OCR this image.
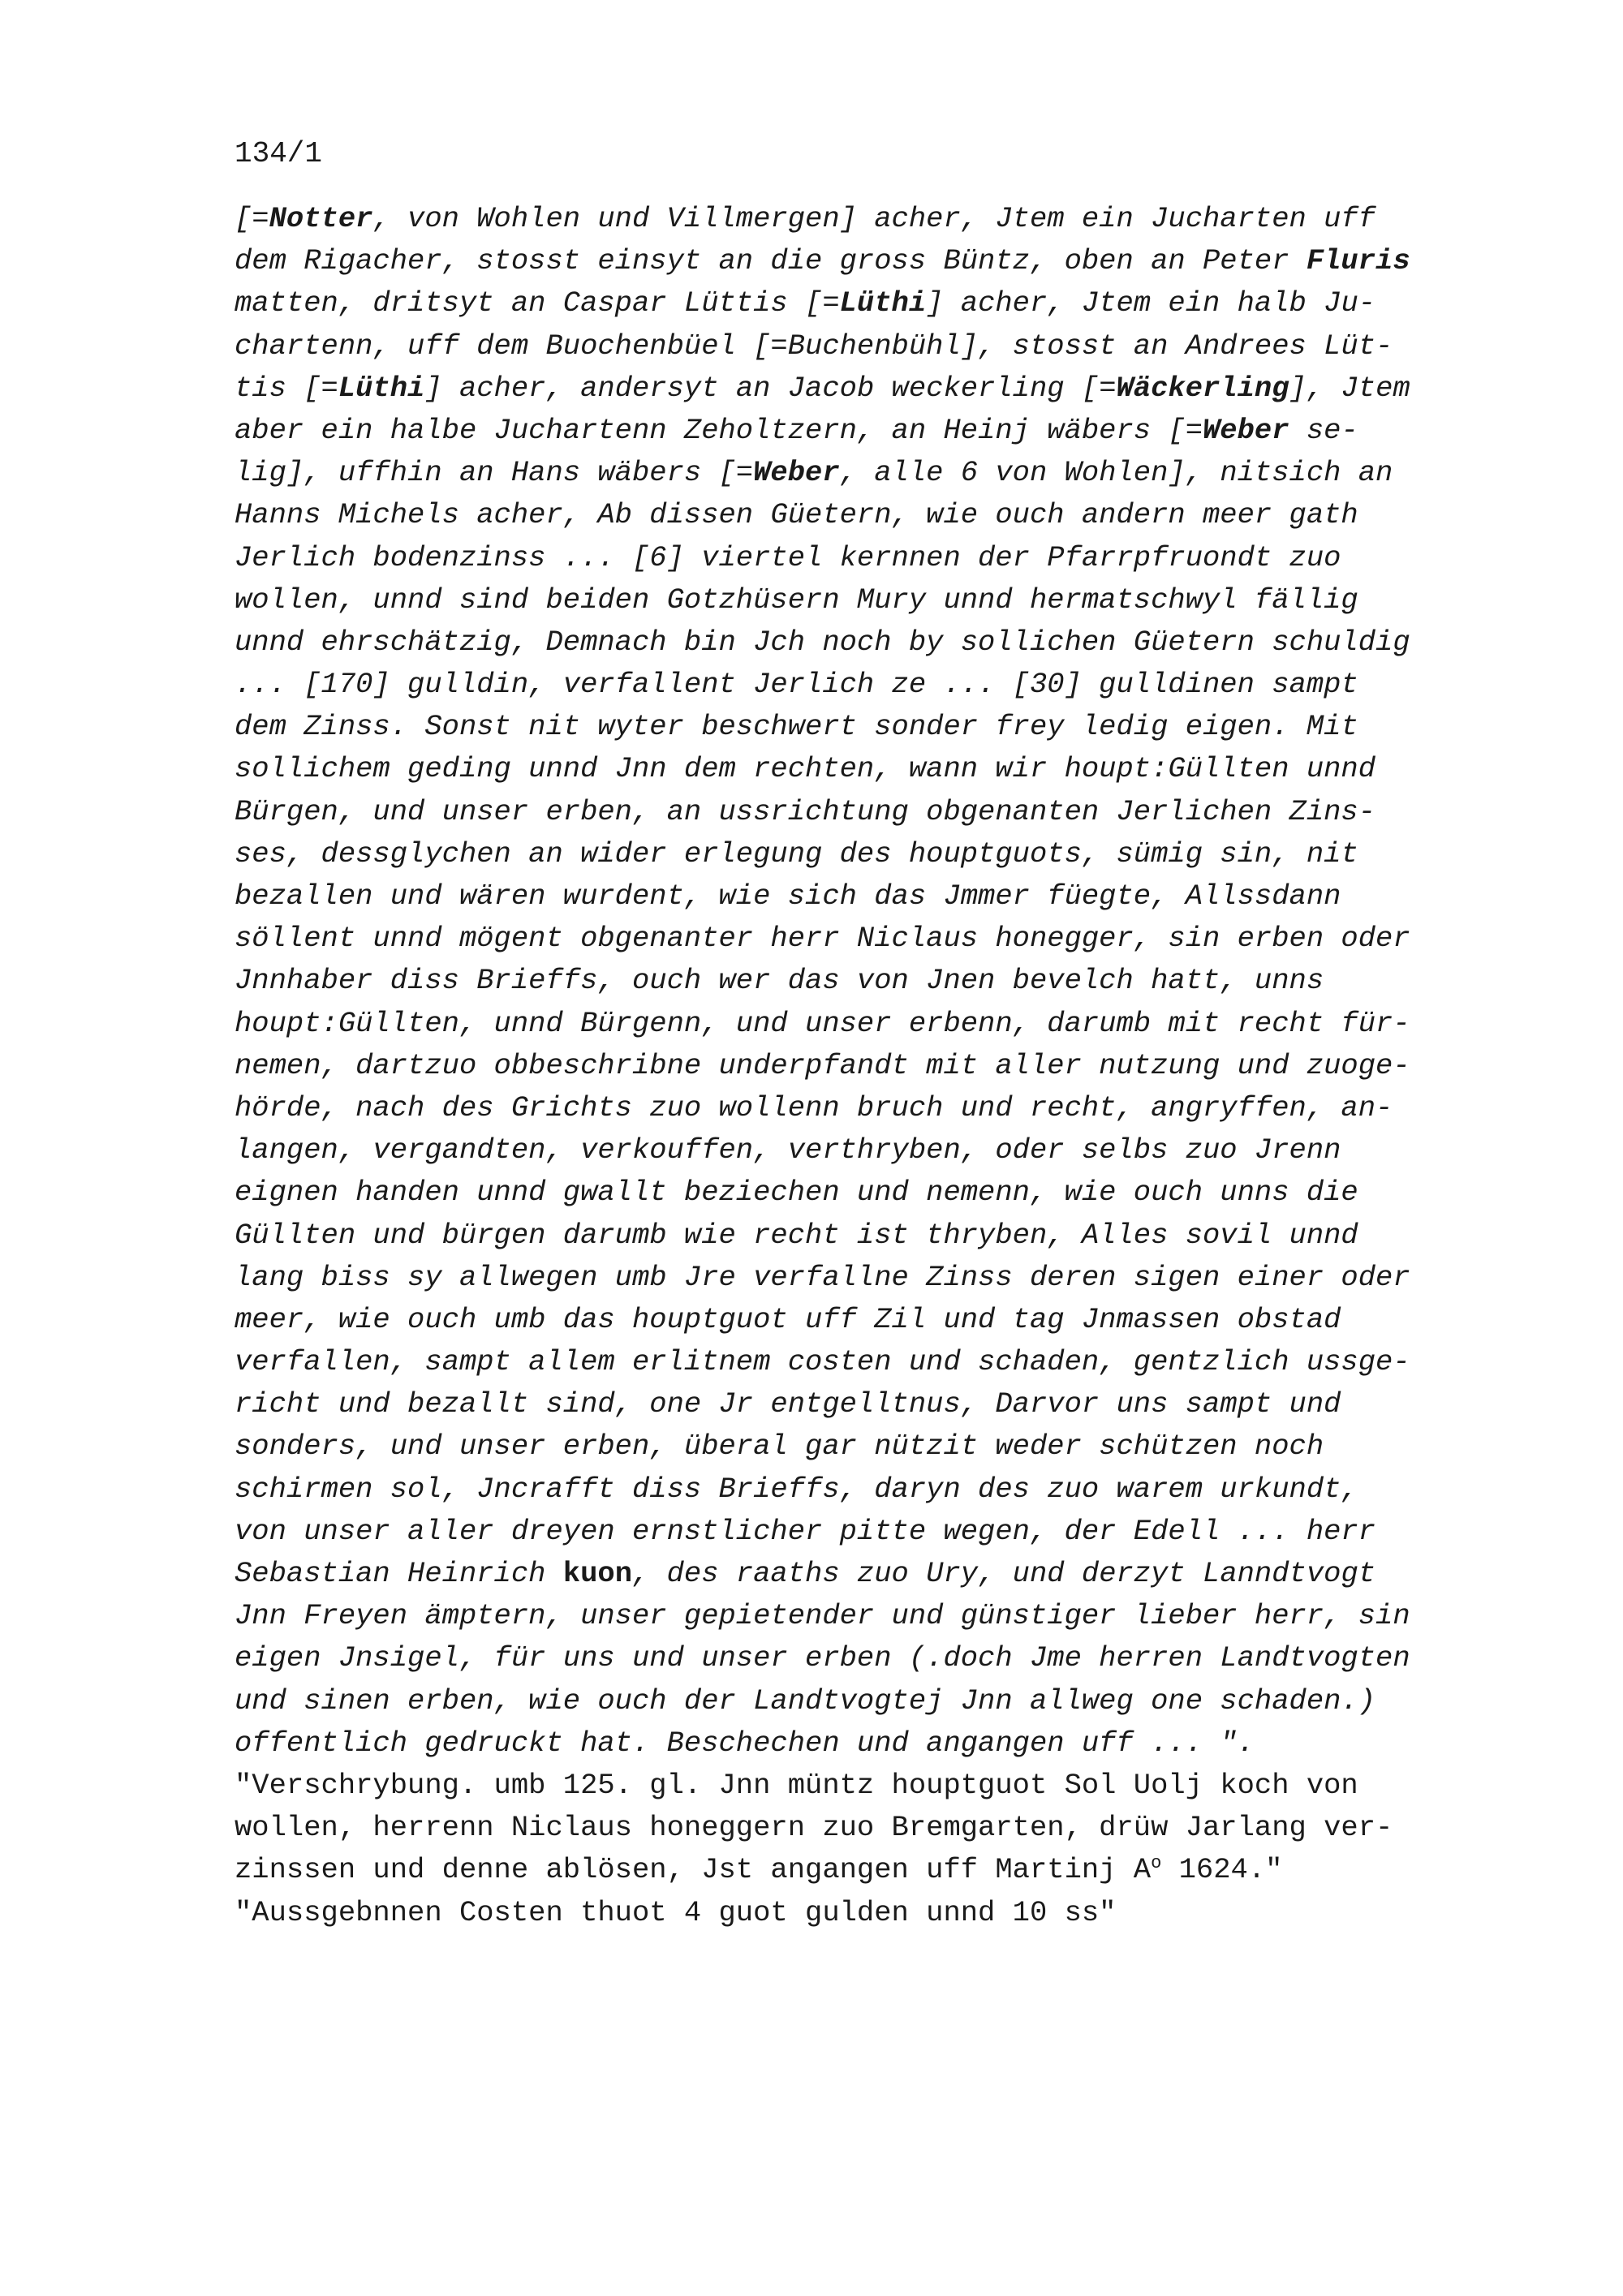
134/1
[=Notter, von Wohlen und Villmergen] acher, Jtem ein Jucharten uff
dem Rigacher, stosst einsyt an die gross Büntz, oben an Peter Fluris
matten, dritsyt an Caspar Lüttis [=Lüthi] acher, Jtem ein halb Ju-
chartenn, uff dem Buochenbüel [=Buchenbühl], stosst an Andrees Lüt-
tis [=Lüthi] acher, andersyt an Jacob weckerling [=Wäckerling], Jtem
aber ein halbe Juchartenn Zeholtzern, an Heinj wäbers [=Weber se-
lig], uffhin an Hans wäbers [=Weber, alle 6 von Wohlen], nitsich an
Hanns Michels acher, Ab dissen Güetern, wie ouch andern meer gath
Jerlich bodenzinss ... [6] viertel kernnen der Pfarrpfruondt zuo
wollen, unnd sind beiden Gotzhüsern Mury unnd hermatschwyl fällig
unnd ehrschätzig, Demnach bin Jch noch by sollichen Güetern schuldig
... [170] gulldin, verfallent Jerlich ze ... [30] gulldinen sampt
dem Zinss. Sonst nit wyter beschwert sonder frey ledig eigen. Mit
sollichem geding unnd Jnn dem rechten, wann wir houpt:Güllten unnd
Bürgen, und unser erben, an ussrichtung obgenanten Jerlichen Zins-
ses, dessglychen an wider erlegung des houptguots, sümig sin, nit
bezallen und wären wurdent, wie sich das Jmmer füegte, Allssdann
söllent unnd mögent obgenanter herr Niclaus honegger, sin erben oder
Jnnhaber diss Brieffs, ouch wer das von Jnen bevelch hatt, unns
houpt:Güllten, unnd Bürgenn, und unser erbenn, darumb mit recht für-
nemen, dartzuo obbeschribne underpfandt mit aller nutzung und zuoge-
hörde, nach des Grichts zuo wollenn bruch und recht, angryffen, an-
langen, vergandten, verkouffen, verthryben, oder selbs zuo Jrenn
eignen handen unnd gwallt beziechen und nemenn, wie ouch unns die
Güllten und bürgen darumb wie recht ist thryben, Alles sovil unnd
lang biss sy allwegen umb Jre verfallne Zinss deren sigen einer oder
meer, wie ouch umb das houptguot uff Zil und tag Jnmassen obstad
verfallen, sampt allem erlitnem costen und schaden, gentzlich ussge-
richt und bezallt sind, one Jr entgelltnus, Darvor uns sampt und
sonders, und unser erben, überal gar nützit weder schützen noch
schirmen sol, Jncrafft diss Brieffs, daryn des zuo warem urkundt,
von unser aller dreyen ernstlicher pitte wegen, der Edell ... herr
Sebastian Heinrich kuon, des raaths zuo Ury, und derzyt Lanndtvogt
Jnn Freyen ämptern, unser gepietender und günstiger lieber herr, sin
eigen Jnsigel, für uns und unser erben (.doch Jme herren Landtvogten
und sinen erben, wie ouch der Landtvogtej Jnn allweg one schaden.)
offentlich gedruckt hat. Beschechen und angangen uff ... ".
"Verschrybung. umb 125. gl. Jnn müntz houptguot Sol Uolj koch von
wollen, herrenn Niclaus honeggern zuo Bremgarten, drüw Jarlang ver-
zinssen und denne ablösen, Jst angangen uff Martinj $A^o$ 1624."
"Aussgebnnen Costen thuot 4 guot gulden unnd 10 ss"
